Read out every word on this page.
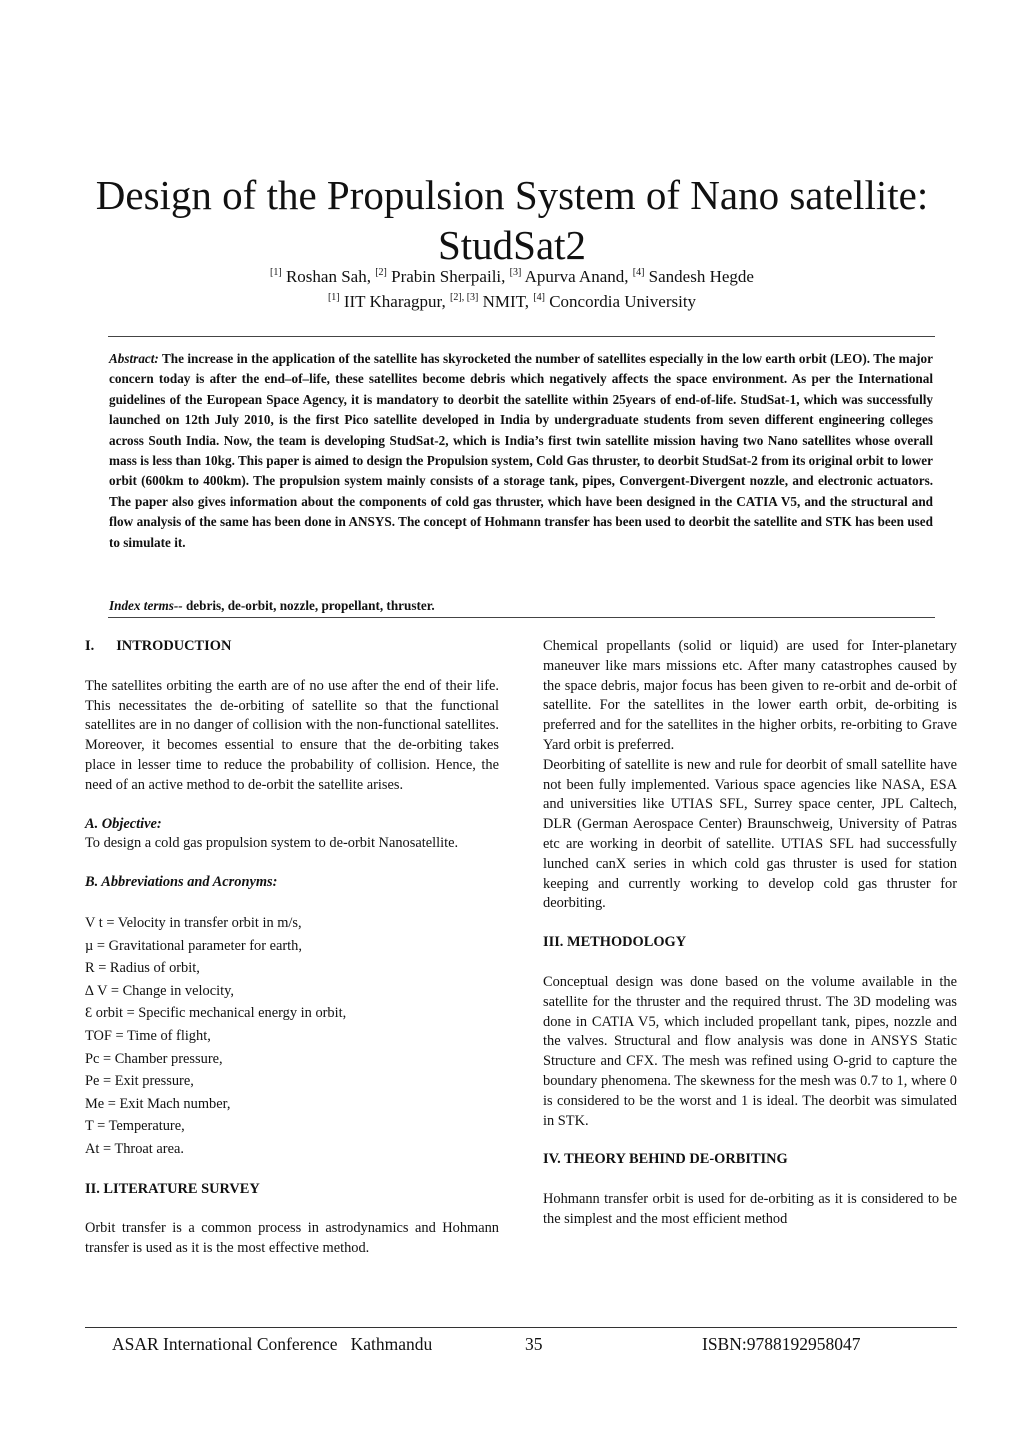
Design of the Propulsion System of Nano satellite: StudSat2

[1] Roshan Sah, [2] Prabin Sherpaili, [3] Apurva Anand, [4] Sandesh Hegde

[1] IIT Kharagpur, [2], [3] NMIT, [4] Concordia University

Abstract: The increase in the application of the satellite has skyrocketed the number of satellites especially in the low earth orbit (LEO). The major concern today is after the end–of–life, these satellites become debris which negatively affects the space environment. As per the International guidelines of the European Space Agency, it is mandatory to deorbit the satellite within 25years of end-of-life. StudSat-1, which was successfully launched on 12th July 2010, is the first Pico satellite developed in India by undergraduate students from seven different engineering colleges across South India. Now, the team is developing StudSat-2, which is India’s first twin satellite mission having two Nano satellites whose overall mass is less than 10kg. This paper is aimed to design the Propulsion system, Cold Gas thruster, to deorbit StudSat-2 from its original orbit to lower orbit (600km to 400km). The propulsion system mainly consists of a storage tank, pipes, Convergent-Divergent nozzle, and electronic actuators. The paper also gives information about the components of cold gas thruster, which have been designed in the CATIA V5, and the structural and flow analysis of the same has been done in ANSYS. The concept of Hohmann transfer has been used to deorbit the satellite and STK has been used to simulate it.

Index terms-- debris, de-orbit, nozzle, propellant, thruster.

I. INTRODUCTION

The satellites orbiting the earth are of no use after the end of their life. This necessitates the de-orbiting of satellite so that the functional satellites are in no danger of collision with the non-functional satellites. Moreover, it becomes essential to ensure that the de-orbiting takes place in lesser time to reduce the probability of collision. Hence, the need of an active method to de-orbit the satellite arises.

A. Objective:

To design a cold gas propulsion system to de-orbit Nanosatellite.

B. Abbreviations and Acronyms:

V t = Velocity in transfer orbit in m/s,
µ = Gravitational parameter for earth,
R = Radius of orbit,
∆ V = Change in velocity,
Ɛ orbit = Specific mechanical energy in orbit,
TOF = Time of flight,
Pc = Chamber pressure,
Pe = Exit pressure,
Me = Exit Mach number,
T = Temperature,
At = Throat area.

II. LITERATURE SURVEY

Orbit transfer is a common process in astrodynamics and Hohmann transfer is used as it is the most effective method.

Chemical propellants (solid or liquid) are used for Inter-planetary maneuver like mars missions etc. After many catastrophes caused by the space debris, major focus has been given to re-orbit and de-orbit of satellite. For the satellites in the lower earth orbit, de-orbiting is preferred and for the satellites in the higher orbits, re-orbiting to Grave Yard orbit is preferred.

Deorbiting of satellite is new and rule for deorbit of small satellite have not been fully implemented. Various space agencies like NASA, ESA and universities like UTIAS SFL, Surrey space center, JPL Caltech, DLR (German Aerospace Center) Braunschweig, University of Patras etc are working in deorbit of satellite. UTIAS SFL had successfully lunched canX series in which cold gas thruster is used for station keeping and currently working to develop cold gas thruster for deorbiting.

III. METHODOLOGY

Conceptual design was done based on the volume available in the satellite for the thruster and the required thrust. The 3D modeling was done in CATIA V5, which included propellant tank, pipes, nozzle and the valves. Structural and flow analysis was done in ANSYS Static Structure and CFX. The mesh was refined using O-grid to capture the boundary phenomena. The skewness for the mesh was 0.7 to 1, where 0 is considered to be the worst and 1 is ideal. The deorbit was simulated in STK.

IV. THEORY BEHIND DE-ORBITING

Hohmann transfer orbit is used for de-orbiting as it is considered to be the simplest and the most efficient method

ASAR International Conference   Kathmandu	35	ISBN:9788192958047
